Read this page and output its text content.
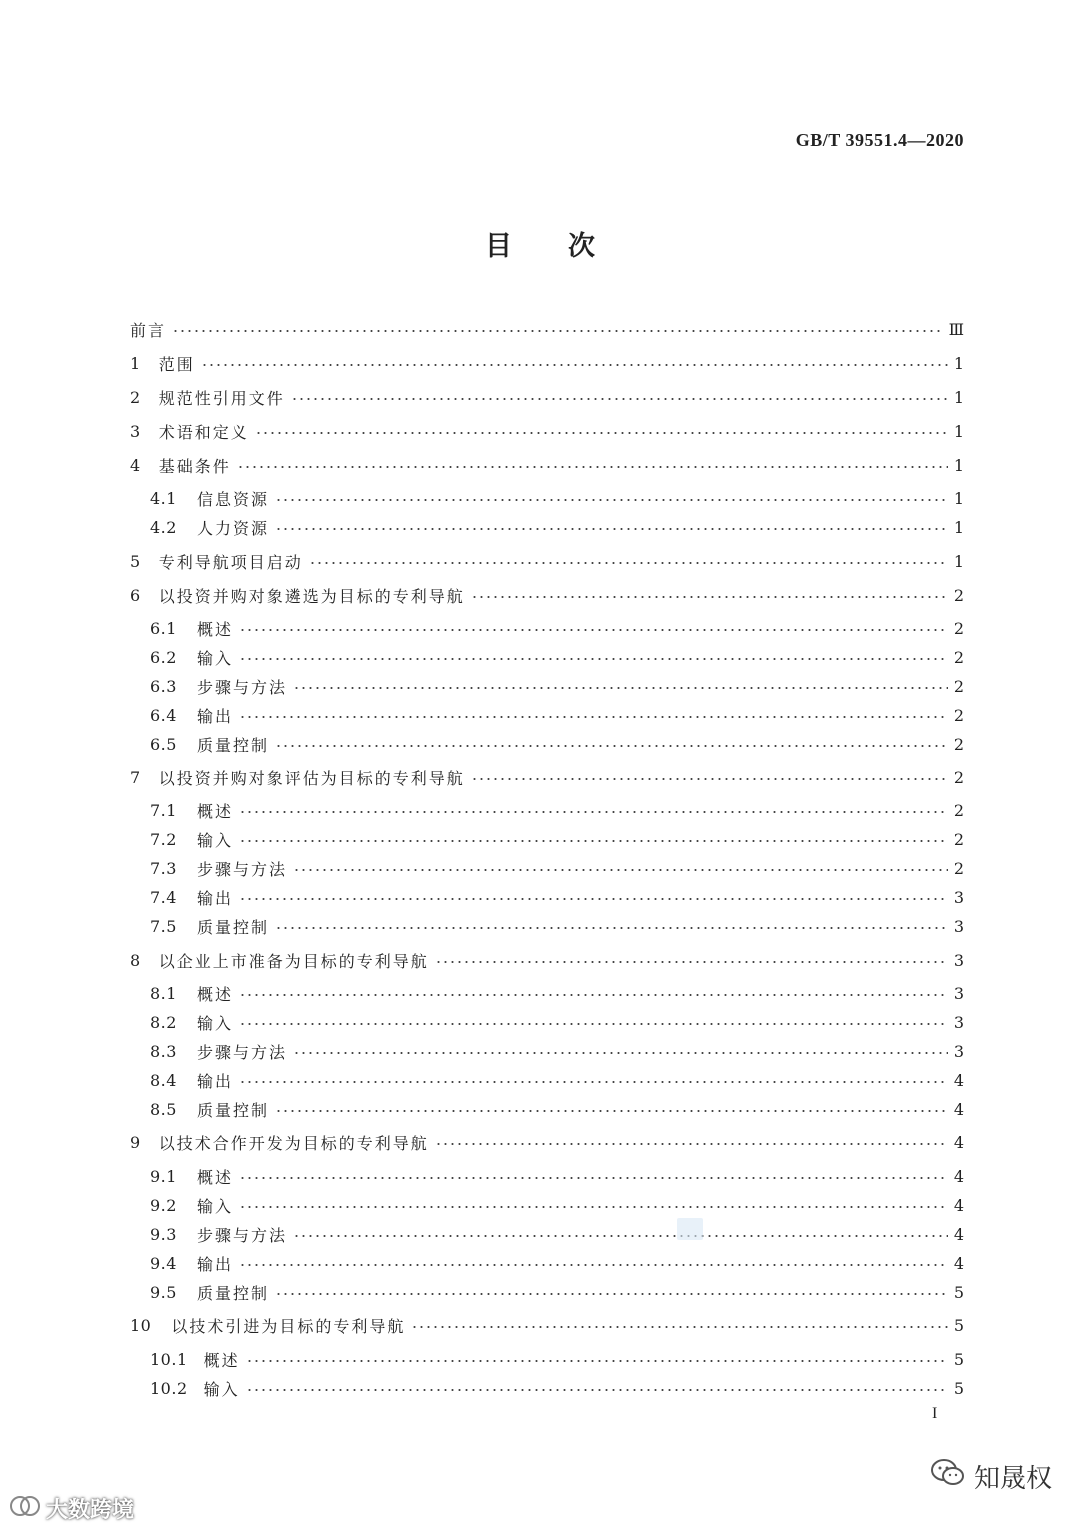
GB/T 39551.4—2020
目 次
前言	Ⅲ
1 范围	1
2 规范性引用文件	1
3 术语和定义	1
4 基础条件	1
4.1 信息资源	1
4.2 人力资源	1
5 专利导航项目启动	1
6 以投资并购对象遴选为目标的专利导航	2
6.1 概述	2
6.2 输入	2
6.3 步骤与方法	2
6.4 输出	2
6.5 质量控制	2
7 以投资并购对象评估为目标的专利导航	2
7.1 概述	2
7.2 输入	2
7.3 步骤与方法	2
7.4 输出	3
7.5 质量控制	3
8 以企业上市准备为目标的专利导航	3
8.1 概述	3
8.2 输入	3
8.3 步骤与方法	3
8.4 输出	4
8.5 质量控制	4
9 以技术合作开发为目标的专利导航	4
9.1 概述	4
9.2 输入	4
9.3 步骤与方法	4
9.4 输出	4
9.5 质量控制	5
10 以技术引进为目标的专利导航	5
10.1 概述	5
10.2 输入	5
I
大数跨境
知晟权
